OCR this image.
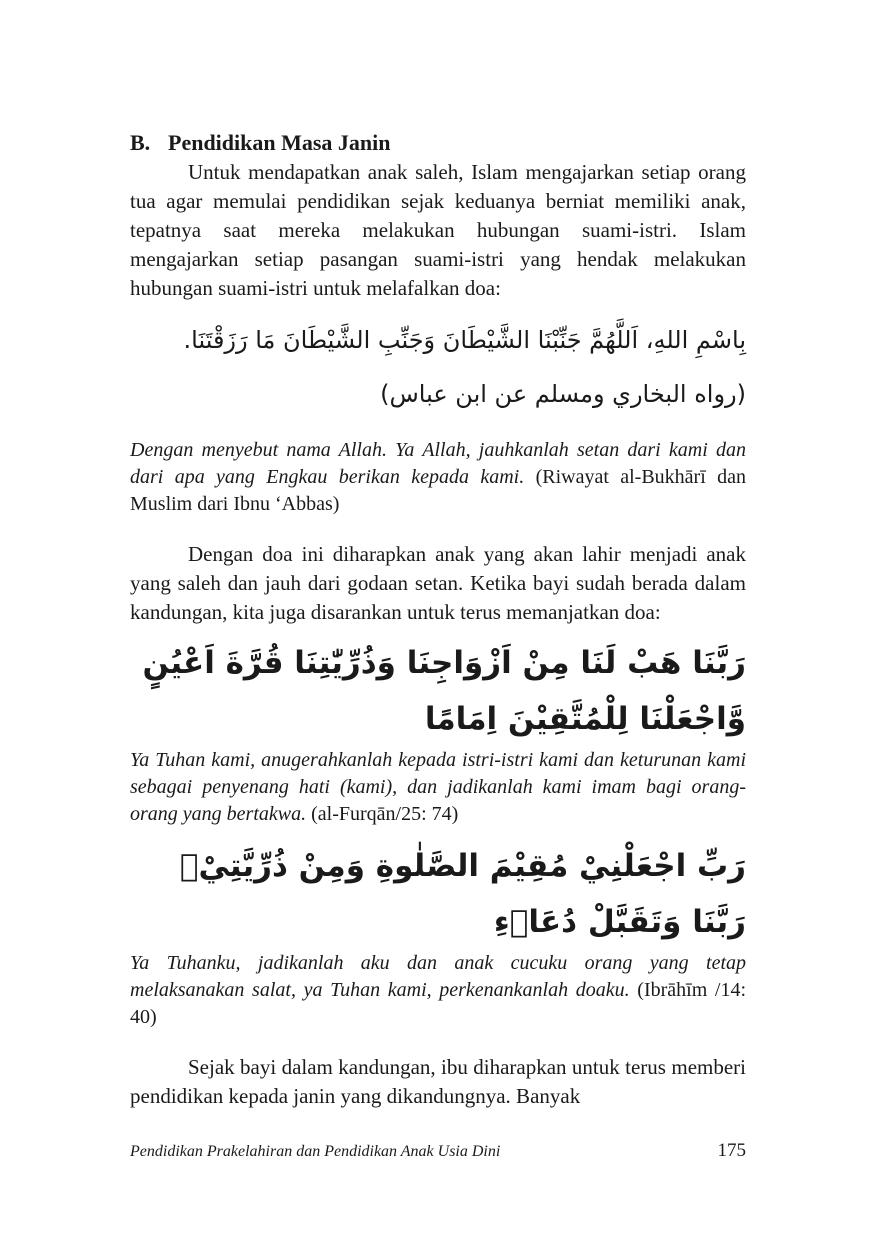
B. Pendidikan Masa Janin

Untuk mendapatkan anak saleh, Islam mengajarkan setiap orang tua agar memulai pendidikan sejak keduanya berniat memiliki anak, tepatnya saat mereka melakukan hubungan suami-istri. Islam mengajarkan setiap pasangan suami-istri yang hendak melakukan hubungan suami-istri untuk melafalkan doa:

بِاسْمِ اللهِ، اَللَّهُمَّ جَنِّبْنَا الشَّيْطَانَ وَجَنِّبِ الشَّيْطَانَ مَا رَزَقْتَنَا. (رواه البخاري ومسلم عن ابن عباس)

Dengan menyebut nama Allah. Ya Allah, jauhkanlah setan dari kami dan dari apa yang Engkau berikan kepada kami. (Riwayat al-Bukhārī dan Muslim dari Ibnu ‘Abbas)

Dengan doa ini diharapkan anak yang akan lahir menjadi anak yang saleh dan jauh dari godaan setan. Ketika bayi sudah berada dalam kandungan, kita juga disarankan untuk terus memanjatkan doa:

رَبَّنَا هَبْ لَنَا مِنْ اَزْوَاجِنَا وَذُرِّيّٰتِنَا قُرَّةَ اَعْيُنٍ وَّاجْعَلْنَا لِلْمُتَّقِيْنَ اِمَامًا

Ya Tuhan kami, anugerahkanlah kepada istri-istri kami dan keturunan kami sebagai penyenang hati (kami), dan jadikanlah kami imam bagi orang-orang yang bertakwa. (al-Furqān/25: 74)

رَبِّ اجْعَلْنِيْ مُقِيْمَ الصَّلٰوةِ وَمِنْ ذُرِّيَّتِيْۖ رَبَّنَا وَتَقَبَّلْ دُعَاۤءِ

Ya Tuhanku, jadikanlah aku dan anak cucuku orang yang tetap melaksanakan salat, ya Tuhan kami, perkenankanlah doaku. (Ibrāhīm /14: 40)

Sejak bayi dalam kandungan, ibu diharapkan untuk terus memberi pendidikan kepada janin yang dikandungnya. Banyak

Pendidikan Prakelahiran dan Pendidikan Anak Usia Dini	175
